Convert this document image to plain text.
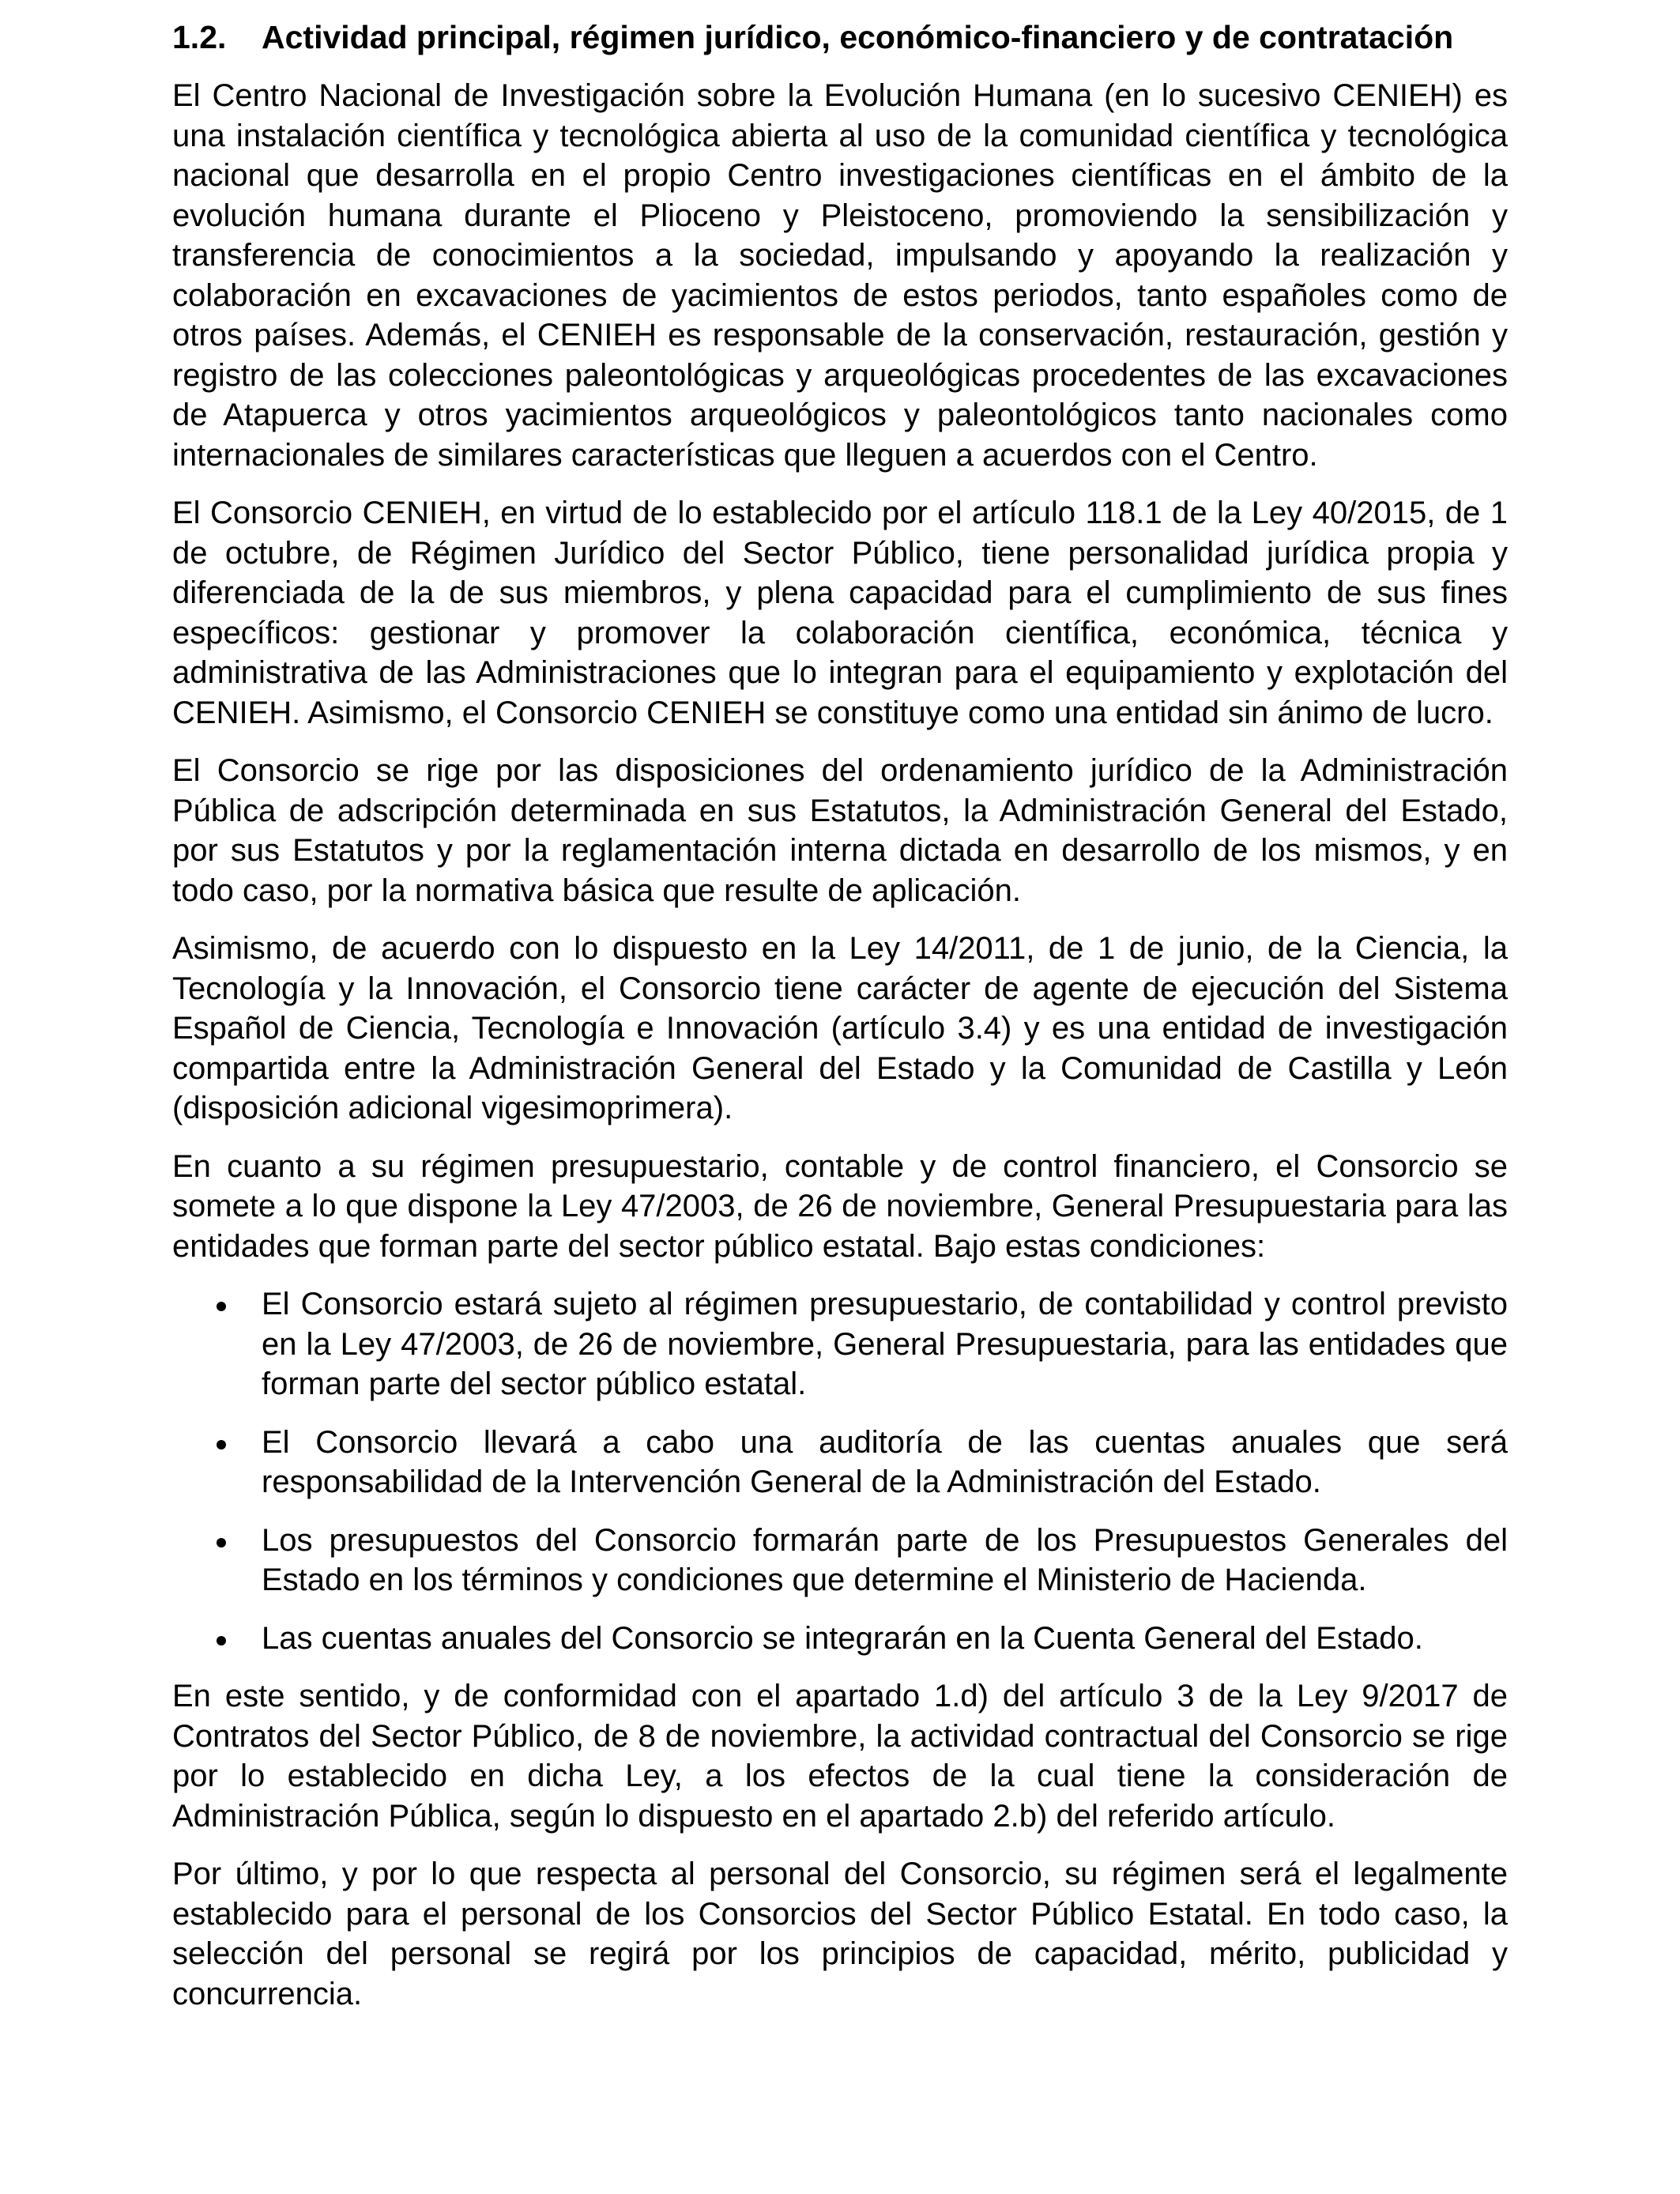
1.2.	Actividad principal, régimen jurídico, económico-financiero y de contratación

El Centro Nacional de Investigación sobre la Evolución Humana (en lo sucesivo CENIEH) es una instalación científica y tecnológica abierta al uso de la comunidad científica y tecnológica nacional que desarrolla en el propio Centro investigaciones científicas en el ámbito de la evolución humana durante el Plioceno y Pleistoceno, promoviendo la sensibilización y transferencia de conocimientos a la sociedad, impulsando y apoyando la realización y colaboración en excavaciones de yacimientos de estos periodos, tanto españoles como de otros países. Además, el CENIEH es responsable de la conservación, restauración, gestión y registro de las colecciones paleontológicas y arqueológicas procedentes de las excavaciones de Atapuerca y otros yacimientos arqueológicos y paleontológicos tanto nacionales como internacionales de similares características que lleguen a acuerdos con el Centro.

El Consorcio CENIEH, en virtud de lo establecido por el artículo 118.1 de la Ley 40/2015, de 1 de octubre, de Régimen Jurídico del Sector Público, tiene personalidad jurídica propia y diferenciada de la de sus miembros, y plena capacidad para el cumplimiento de sus fines específicos: gestionar y promover la colaboración científica, económica, técnica y administrativa de las Administraciones que lo integran para el equipamiento y explotación del CENIEH. Asimismo, el Consorcio CENIEH se constituye como una entidad sin ánimo de lucro.

El Consorcio se rige por las disposiciones del ordenamiento jurídico de la Administración Pública de adscripción determinada en sus Estatutos, la Administración General del Estado, por sus Estatutos y por la reglamentación interna dictada en desarrollo de los mismos, y en todo caso, por la normativa básica que resulte de aplicación.

Asimismo, de acuerdo con lo dispuesto en la Ley 14/2011, de 1 de junio, de la Ciencia, la Tecnología y la Innovación, el Consorcio tiene carácter de agente de ejecución del Sistema Español de Ciencia, Tecnología e Innovación (artículo 3.4) y es una entidad de investigación compartida entre la Administración General del Estado y la Comunidad de Castilla y León (disposición adicional vigesimoprimera).

En cuanto a su régimen presupuestario, contable y de control financiero, el Consorcio se somete a lo que dispone la Ley 47/2003, de 26 de noviembre, General Presupuestaria para las entidades que forman parte del sector público estatal. Bajo estas condiciones:

El Consorcio estará sujeto al régimen presupuestario, de contabilidad y control previsto en la Ley 47/2003, de 26 de noviembre, General Presupuestaria, para las entidades que forman parte del sector público estatal.
El Consorcio llevará a cabo una auditoría de las cuentas anuales que será responsabilidad de la Intervención General de la Administración del Estado.
Los presupuestos del Consorcio formarán parte de los Presupuestos Generales del Estado en los términos y condiciones que determine el Ministerio de Hacienda.
Las cuentas anuales del Consorcio se integrarán en la Cuenta General del Estado.

En este sentido, y de conformidad con el apartado 1.d) del artículo 3 de la Ley 9/2017 de Contratos del Sector Público, de 8 de noviembre, la actividad contractual del Consorcio se rige por lo establecido en dicha Ley, a los efectos de la cual tiene la consideración de Administración Pública, según lo dispuesto en el apartado 2.b) del referido artículo.

Por último, y por lo que respecta al personal del Consorcio, su régimen será el legalmente establecido para el personal de los Consorcios del Sector Público Estatal. En todo caso, la selección del personal se regirá por los principios de capacidad, mérito, publicidad y concurrencia.
